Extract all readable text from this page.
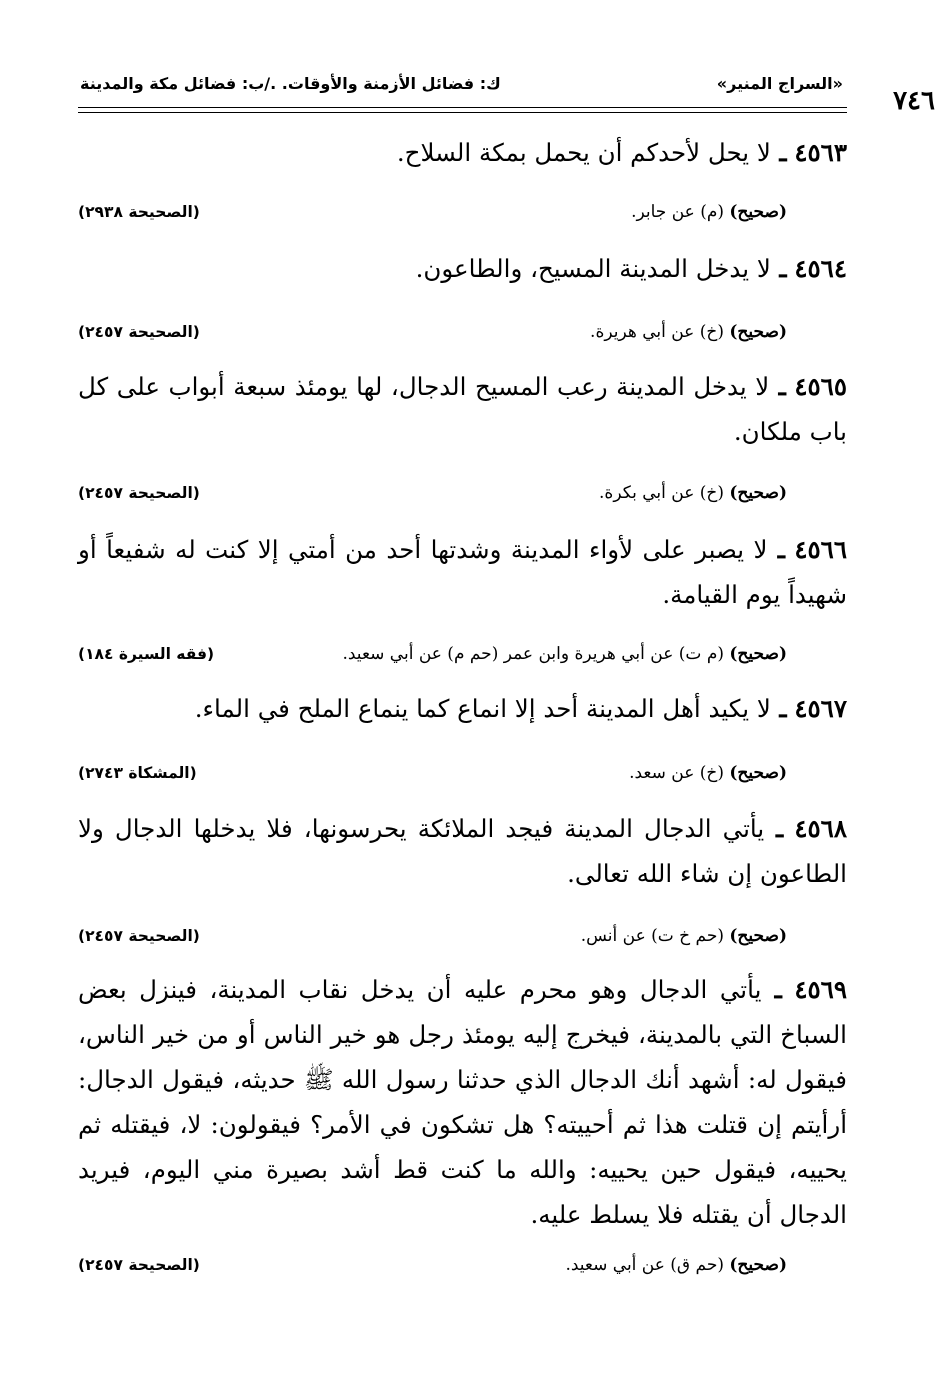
٧٤٦
«السراج المنير»
ك: فضائل الأزمنة والأوقات. ./ب: فضائل مكة والمدينة
٤٥٦٣ ـ لا يحل لأحدكم أن يحمل بمكة السلاح.
(صحيح) (م) عن جابر.
(الصحيحة ٢٩٣٨)
٤٥٦٤ ـ لا يدخل المدينة المسيح، والطاعون.
(صحيح) (خ) عن أبي هريرة.
(الصحيحة ٢٤٥٧)
٤٥٦٥ ـ لا يدخل المدينة رعب المسيح الدجال، لها يومئذ سبعة أبواب على كل باب ملكان.
(صحيح) (خ) عن أبي بكرة.
(الصحيحة ٢٤٥٧)
٤٥٦٦ ـ لا يصبر على لأواء المدينة وشدتها أحد من أمتي إلا كنت له شفيعاً أو شهيداً يوم القيامة.
(صحيح) (م ت) عن أبي هريرة وابن عمر (حم م) عن أبي سعيد.
(فقه السيرة ١٨٤)
٤٥٦٧ ـ لا يكيد أهل المدينة أحد إلا انماع كما ينماع الملح في الماء.
(صحيح) (خ) عن سعد.
(المشكاة ٢٧٤٣)
٤٥٦٨ ـ يأتي الدجال المدينة فيجد الملائكة يحرسونها، فلا يدخلها الدجال ولا الطاعون إن شاء الله تعالى.
(صحيح) (حم خ ت) عن أنس.
(الصحيحة ٢٤٥٧)
٤٥٦٩ ـ يأتي الدجال وهو محرم عليه أن يدخل نقاب المدينة، فينزل بعض السباخ التي بالمدينة، فيخرج إليه يومئذ رجل هو خير الناس أو من خير الناس، فيقول له: أشهد أنك الدجال الذي حدثنا رسول الله ﷺ حديثه، فيقول الدجال: أرأيتم إن قتلت هذا ثم أحييته؟ هل تشكون في الأمر؟ فيقولون: لا، فيقتله ثم يحييه، فيقول حين يحييه: والله ما كنت قط أشد بصيرة مني اليوم، فيريد الدجال أن يقتله فلا يسلط عليه.
(صحيح) (حم ق) عن أبي سعيد.
(الصحيحة ٢٤٥٧)
